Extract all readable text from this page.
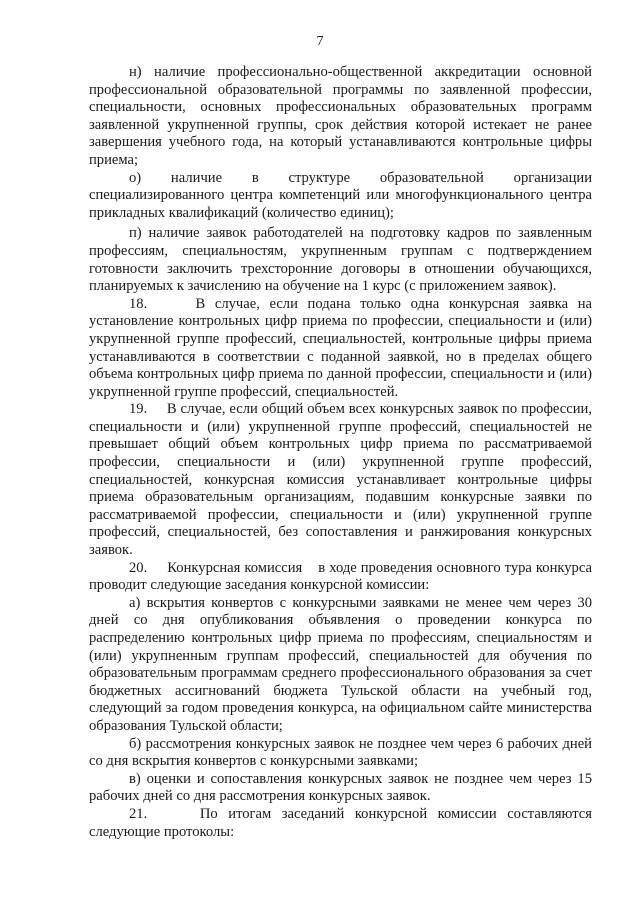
7

н) наличие профессионально-общественной аккредитации основной профессиональной образовательной программы по заявленной профессии, специальности, основных профессиональных образовательных программ заявленной укрупненной группы, срок действия которой истекает не ранее завершения учебного года, на который устанавливаются контрольные цифры приема;

о) наличие в структуре образовательной организации специализированного центра компетенций или многофункционального центра прикладных квалификаций (количество единиц);

п) наличие заявок работодателей на подготовку кадров по заявленным профессиям, специальностям, укрупненным группам с подтверждением готовности заключить трехсторонние договоры в отношении обучающихся, планируемых к зачислению на обучение на 1 курс (с приложением заявок).

18.     В случае, если подана только одна конкурсная заявка на установление контрольных цифр приема по профессии, специальности и (или) укрупненной группе профессий, специальностей, контрольные цифры приема устанавливаются в соответствии с поданной заявкой, но в пределах общего объема контрольных цифр приема по данной профессии, специальности и (или) укрупненной группе профессий, специальностей.

19.     В случае, если общий объем всех конкурсных заявок по профессии, специальности и (или) укрупненной группе профессий, специальностей не превышает общий объем контрольных цифр приема по рассматриваемой профессии, специальности и (или) укрупненной группе профессий, специальностей, конкурсная комиссия устанавливает контрольные цифры приема образовательным организациям, подавшим конкурсные заявки по рассматриваемой профессии, специальности и (или) укрупненной группе профессий, специальностей, без сопоставления и ранжирования конкурсных заявок.

20.     Конкурсная комиссия    в ходе проведения основного тура конкурса проводит следующие заседания конкурсной комиссии:

а) вскрытия конвертов с конкурсными заявками не менее чем через 30 дней со дня опубликования объявления о проведении конкурса по распределению контрольных цифр приема по профессиям, специальностям и (или) укрупненным группам профессий, специальностей для обучения по образовательным программам среднего профессионального образования за счет бюджетных ассигнований бюджета Тульской области на учебный год, следующий за годом проведения конкурса, на официальном сайте министерства образования Тульской области;

б) рассмотрения конкурсных заявок не позднее чем через 6 рабочих дней со дня вскрытия конвертов с конкурсными заявками;

в) оценки и сопоставления конкурсных заявок не позднее чем через 15 рабочих дней со дня рассмотрения конкурсных заявок.

21.     По итогам заседаний конкурсной комиссии составляются следующие протоколы:
